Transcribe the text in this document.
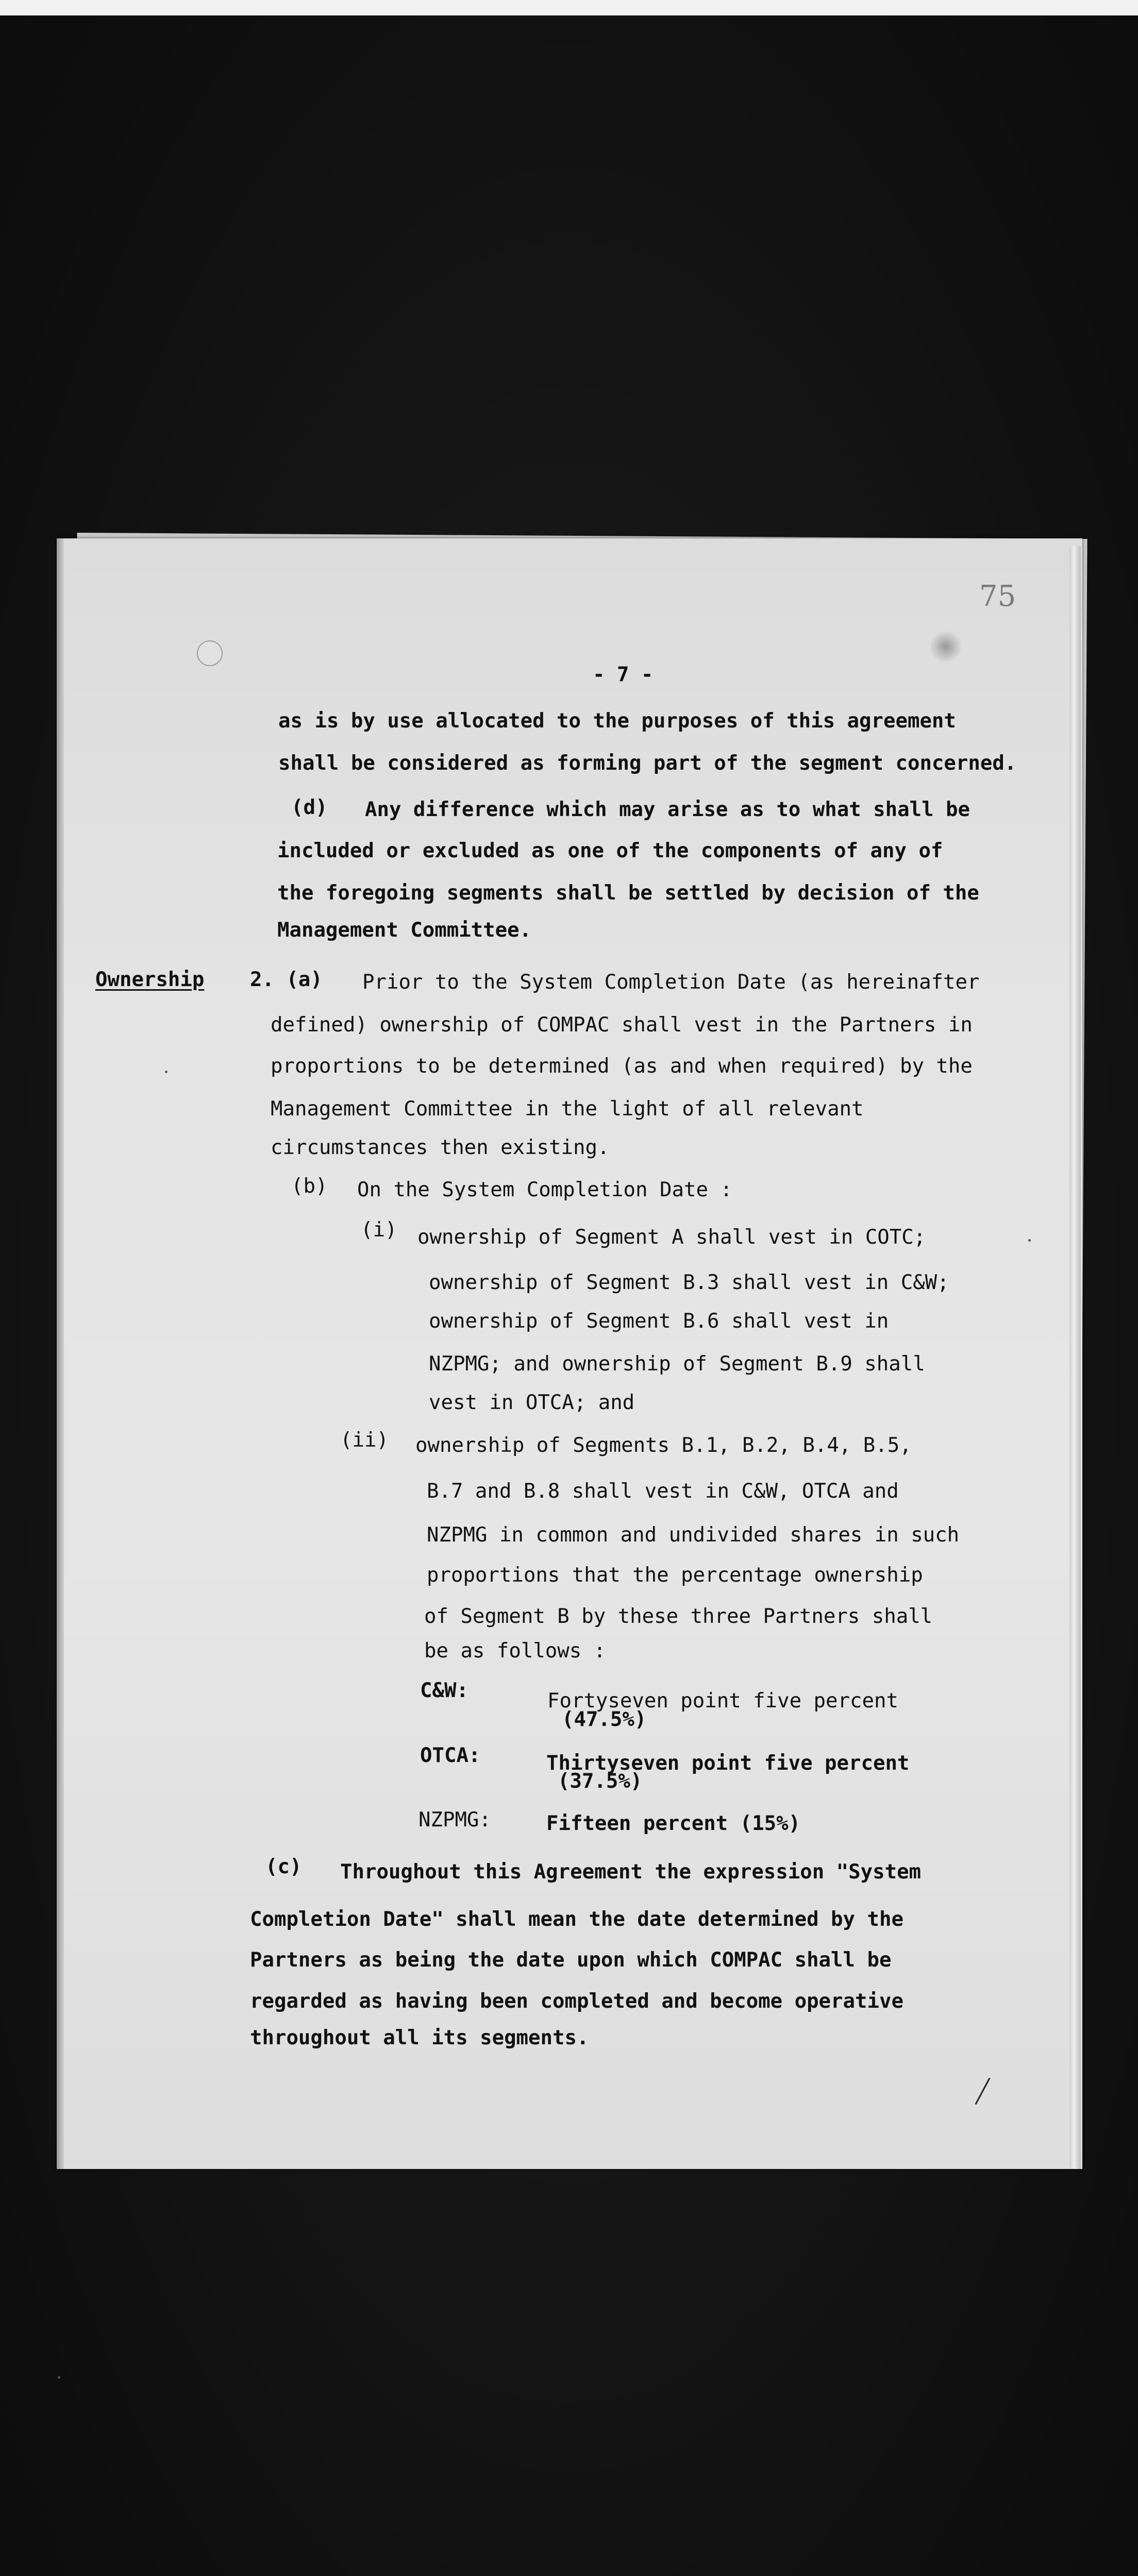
75
- 7 -
as is by use allocated to the purposes of this agreement
shall be considered as forming part of the segment concerned.
(d) Any difference which may arise as to what shall be
included or excluded as one of the components of any of
the foregoing segments shall be settled by decision of the
Management Committee.
Ownership 2. (a) Prior to the System Completion Date (as hereinafter
defined) ownership of COMPAC shall vest in the Partners in
proportions to be determined (as and when required) by the
Management Committee in the light of all relevant
circumstances then existing.
(b) On the System Completion Date :
(i) ownership of Segment A shall vest in COTC;
ownership of Segment B.3 shall vest in C&W;
ownership of Segment B.6 shall vest in
NZPMG; and ownership of Segment B.9 shall
vest in OTCA; and
(ii) ownership of Segments B.1, B.2, B.4, B.5,
B.7 and B.8 shall vest in C&W, OTCA and
NZPMG in common and undivided shares in such
proportions that the percentage ownership
of Segment B by these three Partners shall
be as follows :
C&W:	Fortyseven point five percent
(47.5%)
OTCA:	Thirtyseven point five percent
(37.5%)
NZPMG:	Fifteen percent (15%)
(c) Throughout this Agreement the expression "System
Completion Date" shall mean the date determined by the
Partners as being the date upon which COMPAC shall be
regarded as having been completed and become operative
throughout all its segments.
